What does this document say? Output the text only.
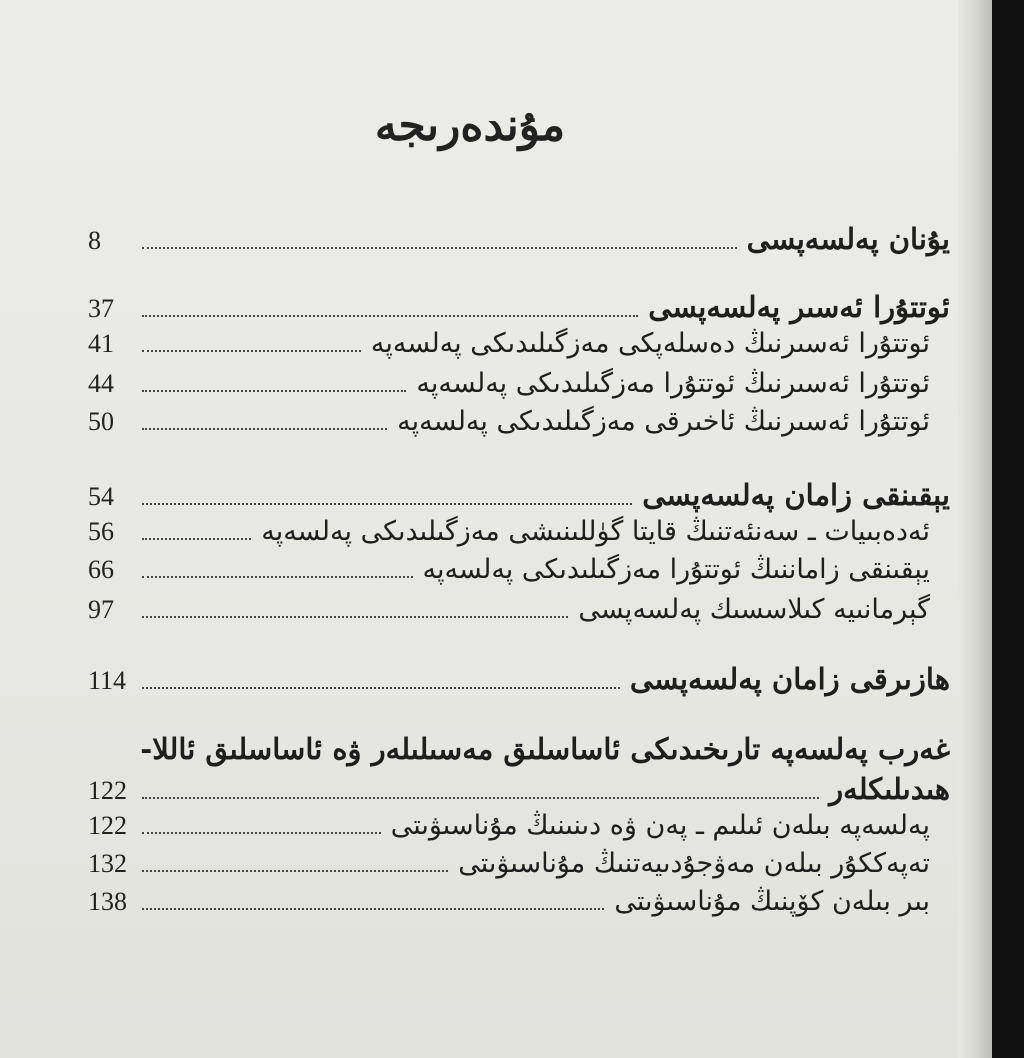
مۇندەرىجە
يۇنان پەلسەپسى
8
ئوتتۇرا ئەسىر پەلسەپسى
37
ئوتتۇرا ئەسىرنىڭ دەسلەپكى مەزگىلىدىكى پەلسەپە
41
ئوتتۇرا ئەسىرنىڭ ئوتتۇرا مەزگىلىدىكى پەلسەپە
44
ئوتتۇرا ئەسىرنىڭ ئاخىرقى مەزگىلىدىكى پەلسەپە
50
يېقىنقى زامان پەلسەپسى
54
ئەدەبىيات ـ سەنئەتنىڭ قايتا گۈللىنىشى مەزگىلىدىكى پەلسەپە
56
يېقىنقى زاماننىڭ ئوتتۇرا مەزگىلىدىكى پەلسەپە
66
گېرمانىيە كىلاسسىك پەلسەپسى
97
ھازىرقى زامان پەلسەپسى
114
غەرب پەلسەپە تارىخىدىكى ئاساسلىق مەسىلىلەر ۋە ئاساسلىق ئاللا-
ھىدىلىكلەر
122
پەلسەپە بىلەن ئىلىم ـ پەن ۋە دىنىنىڭ مۇناسىۋىتى
122
تەپەككۇر بىلەن مەۋجۇدىيەتنىڭ مۇناسىۋىتى
132
بىر بىلەن كۆپنىڭ مۇناسىۋىتى
138
